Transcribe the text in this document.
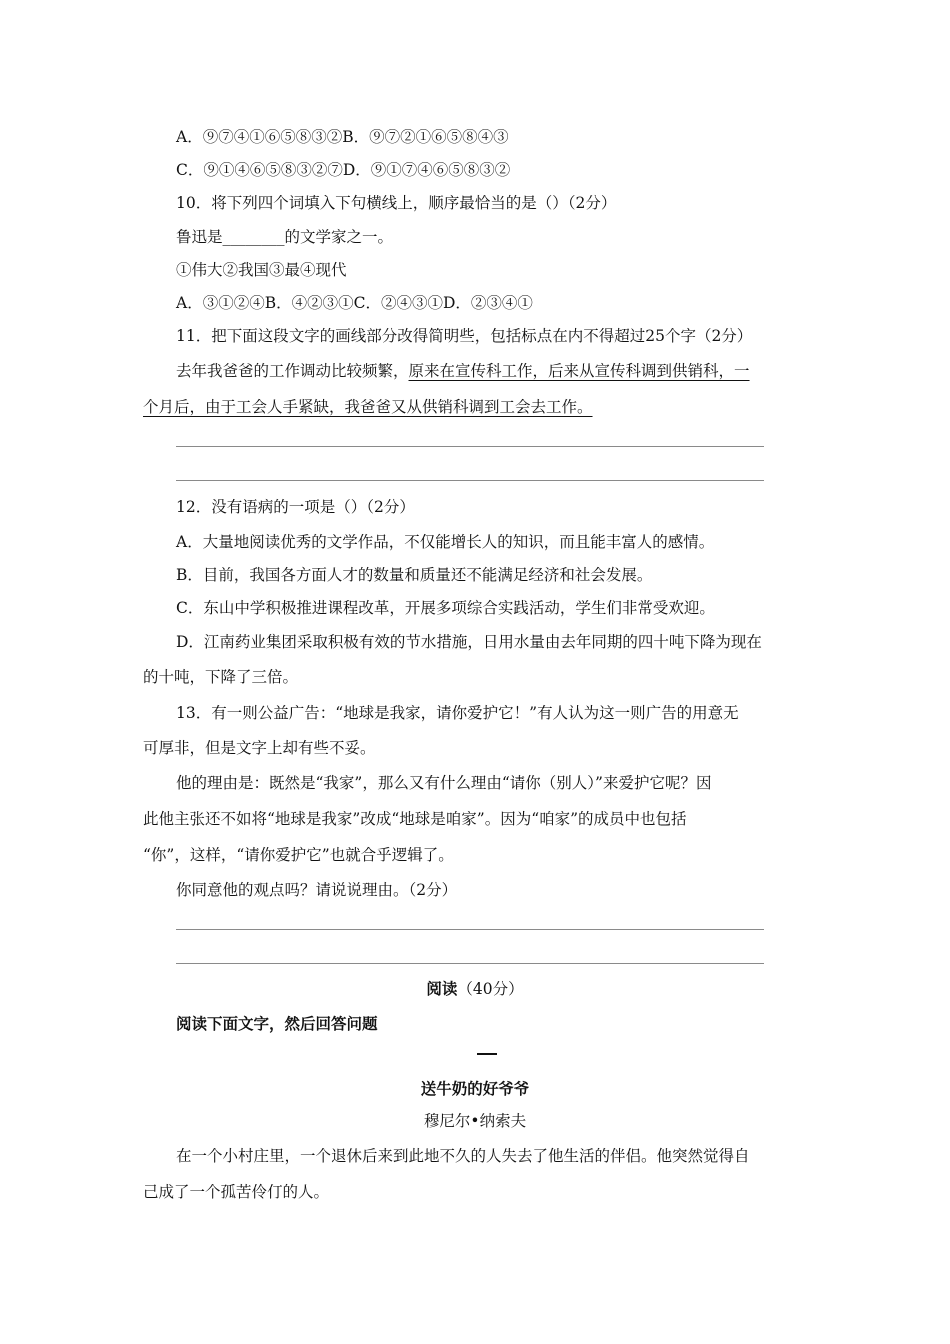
A．⑨⑦④①⑥⑤⑧③②B．⑨⑦②①⑥⑤⑧④③
C．⑨①④⑥⑤⑧③②⑦D．⑨①⑦④⑥⑤⑧③②
10．将下列四个词填入下句横线上，顺序最恰当的是（）（2分）
鲁迅是________的文学家之一。
①伟大②我国③最④现代
A．③①②④B．④②③①C．②④③①D．②③④①
11．把下面这段文字的画线部分改得简明些，包括标点在内不得超过25个字（2分）
去年我爸爸的工作调动比较频繁，原来在宣传科工作，后来从宣传科调到供销科，一
个月后，由于工会人手紧缺，我爸爸又从供销科调到工会去工作。
12．没有语病的一项是（）（2分）
A．大量地阅读优秀的文学作品，不仅能增长人的知识，而且能丰富人的感情。
B．目前，我国各方面人才的数量和质量还不能满足经济和社会发展。
C．东山中学积极推进课程改革，开展多项综合实践活动，学生们非常受欢迎。
D．江南药业集团采取积极有效的节水措施，日用水量由去年同期的四十吨下降为现在
的十吨，下降了三倍。
13．有一则公益广告：“地球是我家，请你爱护它！”有人认为这一则广告的用意无
可厚非，但是文字上却有些不妥。
他的理由是：既然是“我家”，那么又有什么理由“请你（别人）”来爱护它呢？因
此他主张还不如将“地球是我家”改成“地球是咱家”。因为“咱家”的成员中也包括
“你”，这样，“请你爱护它”也就合乎逻辑了。
你同意他的观点吗？请说说理由。（2分）
阅读（40分）
阅读下面文字，然后回答问题
送牛奶的好爷爷
穆尼尔•纳索夫
在一个小村庄里，一个退休后来到此地不久的人失去了他生活的伴侣。他突然觉得自
己成了一个孤苦伶仃的人。
